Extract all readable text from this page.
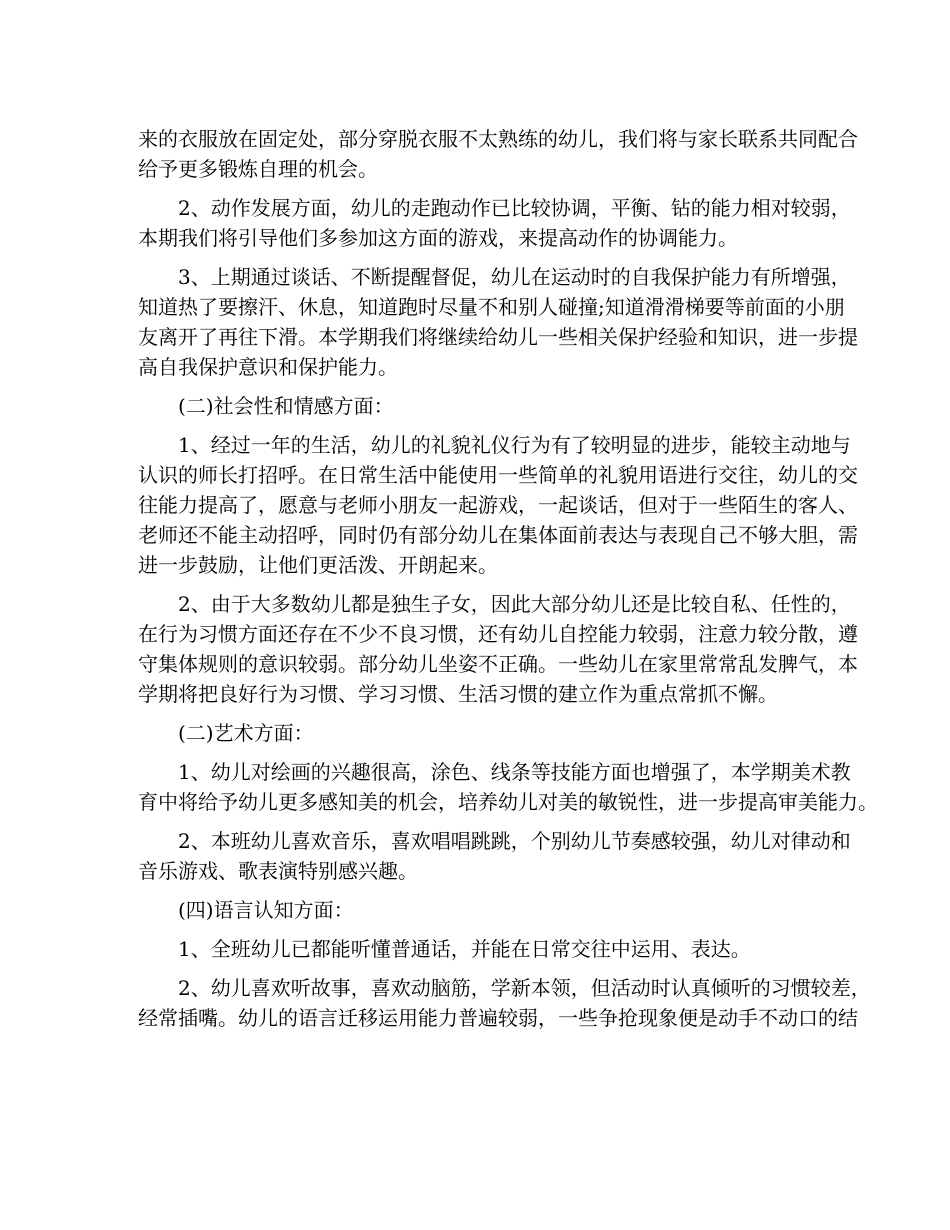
来的衣服放在固定处，部分穿脱衣服不太熟练的幼儿，我们将与家长联系共同配合
给予更多锻炼自理的机会。
2、动作发展方面，幼儿的走跑动作已比较协调，平衡、钻的能力相对较弱，
本期我们将引导他们多参加这方面的游戏，来提高动作的协调能力。
3、上期通过谈话、不断提醒督促，幼儿在运动时的自我保护能力有所增强，
知道热了要擦汗、休息，知道跑时尽量不和别人碰撞;知道滑滑梯要等前面的小朋
友离开了再往下滑。本学期我们将继续给幼儿一些相关保护经验和知识，进一步提
高自我保护意识和保护能力。
(二)社会性和情感方面：
1、经过一年的生活，幼儿的礼貌礼仪行为有了较明显的进步，能较主动地与
认识的师长打招呼。在日常生活中能使用一些简单的礼貌用语进行交往，幼儿的交
往能力提高了，愿意与老师小朋友一起游戏，一起谈话，但对于一些陌生的客人、
老师还不能主动招呼，同时仍有部分幼儿在集体面前表达与表现自己不够大胆，需
进一步鼓励，让他们更活泼、开朗起来。
2、由于大多数幼儿都是独生子女，因此大部分幼儿还是比较自私、任性的，
在行为习惯方面还存在不少不良习惯，还有幼儿自控能力较弱，注意力较分散，遵
守集体规则的意识较弱。部分幼儿坐姿不正确。一些幼儿在家里常常乱发脾气，本
学期将把良好行为习惯、学习习惯、生活习惯的建立作为重点常抓不懈。
(二)艺术方面：
1、幼儿对绘画的兴趣很高，涂色、线条等技能方面也增强了，本学期美术教
育中将给予幼儿更多感知美的机会，培养幼儿对美的敏锐性，进一步提高审美能力。
2、本班幼儿喜欢音乐，喜欢唱唱跳跳，个别幼儿节奏感较强，幼儿对律动和
音乐游戏、歌表演特别感兴趣。
(四)语言认知方面：
1、全班幼儿已都能听懂普通话，并能在日常交往中运用、表达。
2、幼儿喜欢听故事，喜欢动脑筋，学新本领，但活动时认真倾听的习惯较差，
经常插嘴。幼儿的语言迁移运用能力普遍较弱，一些争抢现象便是动手不动口的结
